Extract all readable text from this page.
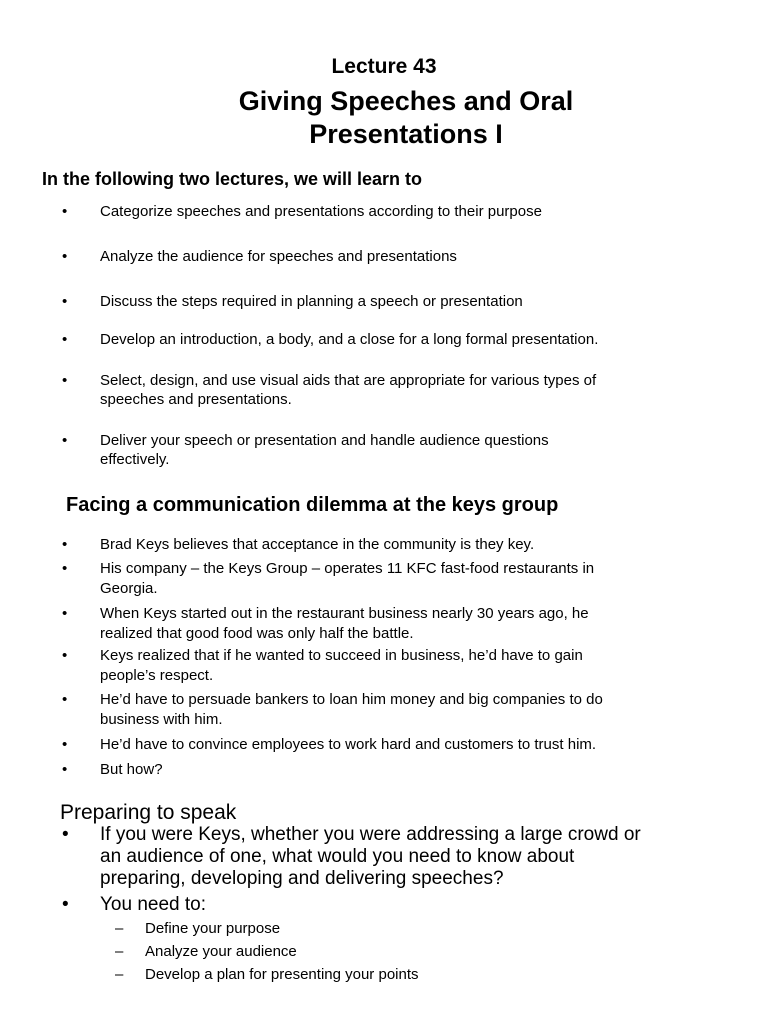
Lecture 43

Giving Speeches and Oral

Presentations I

In the following two lectures, we will learn to

• Categorize speeches and presentations according to their purpose
• Analyze the audience for speeches and presentations
• Discuss the steps required in planning a speech or presentation
• Develop an introduction, a body, and a close for a long formal presentation.
• Select, design, and use visual aids that are appropriate for various types of
speeches and presentations.
• Deliver your speech or presentation and handle audience questions
effectively.

Facing a communication dilemma at the keys group

• Brad Keys believes that acceptance in the community is they key.
• His company – the Keys Group – operates 11 KFC fast-food restaurants in
Georgia.
• When Keys started out in the restaurant business nearly 30 years ago, he
realized that good food was only half the battle.
• Keys realized that if he wanted to succeed in business, he’d have to gain
people’s respect.
• He’d have to persuade bankers to loan him money and big companies to do
business with him.
• He’d have to convince employees to work hard and customers to trust him.
• But how?

Preparing to speak

• If you were Keys, whether you were addressing a large crowd or
an audience of one, what would you need to know about
preparing, developing and delivering speeches?
• You need to:
– Define your purpose
– Analyze your audience
– Develop a plan for presenting your points
